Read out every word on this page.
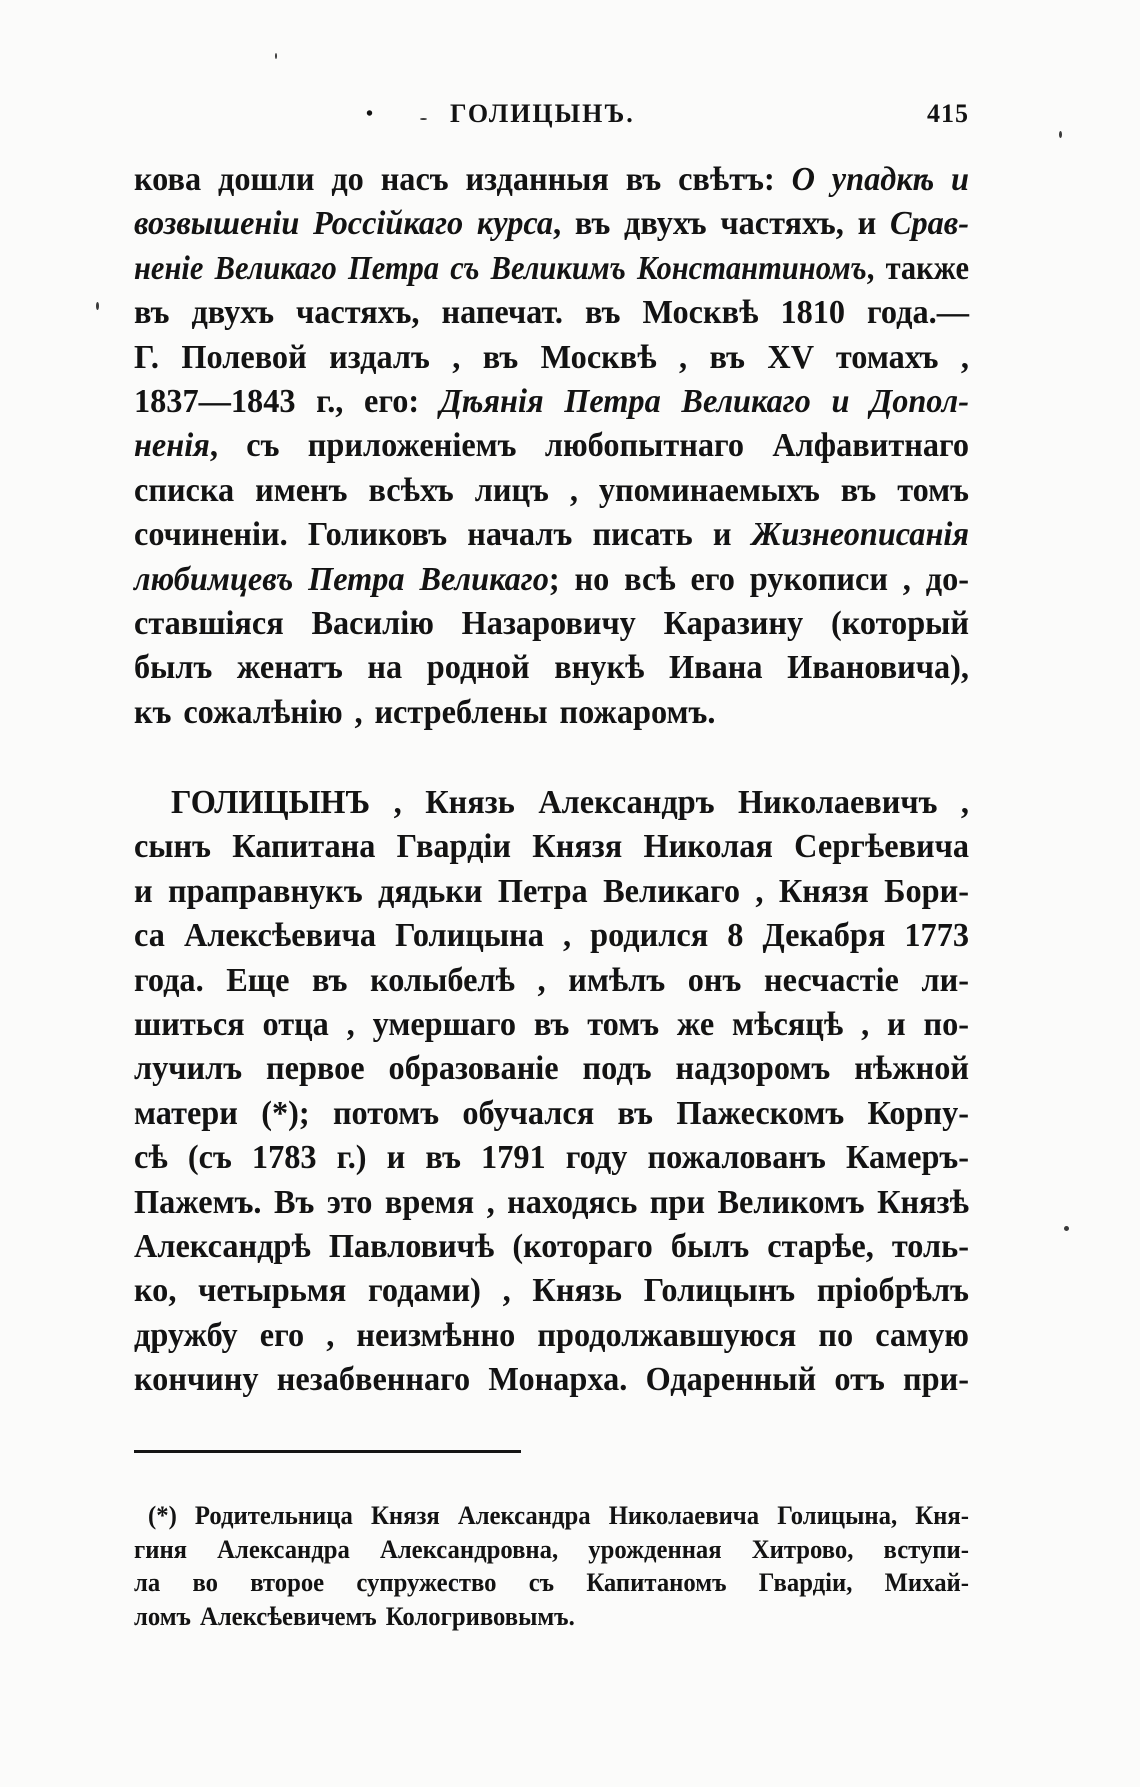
•	ГОЛИЦЫНЪ.	415
кова дошли до насъ изданныя въ свѣтъ: О упадкѣ и
возвышеніи Россійкаго курса, въ двухъ частяхъ, и Срав-
неніе Великаго Петра съ Великимъ Константиномъ, также
въ двухъ частяхъ, напечат. въ Москвѣ 1810 года.—
Г. Полевой издалъ , въ Москвѣ , въ XV томахъ ,
1837—1843 г., его: Дѣянія Петра Великаго и Допол-
ненія, съ приложеніемъ любопытнаго Алфавитнаго
списка именъ всѣхъ лицъ , упоминаемыхъ въ томъ
сочиненіи. Голиковъ началъ писать и Жизнеописанія
любимцевъ Петра Великаго; но всѣ его рукописи , до-
ставшіяся Василію Назаровичу Каразину (который
былъ женатъ на родной внукѣ Ивана Ивановича),
къ сожалѣнію , истреблены пожаромъ.
ГОЛИЦЫНЪ , Князь Александръ Николаевичъ ,
сынъ Капитана Гвардіи Князя Николая Сергѣевича
и праправнукъ дядьки Петра Великаго , Князя Бори-
са Алексѣевича Голицына , родился 8 Декабря 1773
года. Еще въ колыбелѣ , имѣлъ онъ несчастіе ли-
шиться отца , умершаго въ томъ же мѣсяцѣ , и по-
лучилъ первое образованіе подъ надзоромъ нѣжной
матери (*); потомъ обучался въ Пажескомъ Корпу-
сѣ (съ 1783 г.) и въ 1791 году пожалованъ Камеръ-
Пажемъ. Въ это время , находясь при Великомъ Князѣ
Александрѣ Павловичѣ (котораго былъ старѣе, толь-
ко, четырьмя годами) , Князь Голицынъ пріобрѣлъ
дружбу его , неизмѣнно продолжавшуюся по самую
кончину незабвеннаго Монарха. Одаренный отъ при-
(*) Родительница Князя Александра Николаевича Голицына, Кня-
гиня Александра Александровна, урожденная Хитрово, вступи-
ла во второе супружество съ Капитаномъ Гвардіи, Михай-
ломъ Алексѣевичемъ Кологривовымъ.
